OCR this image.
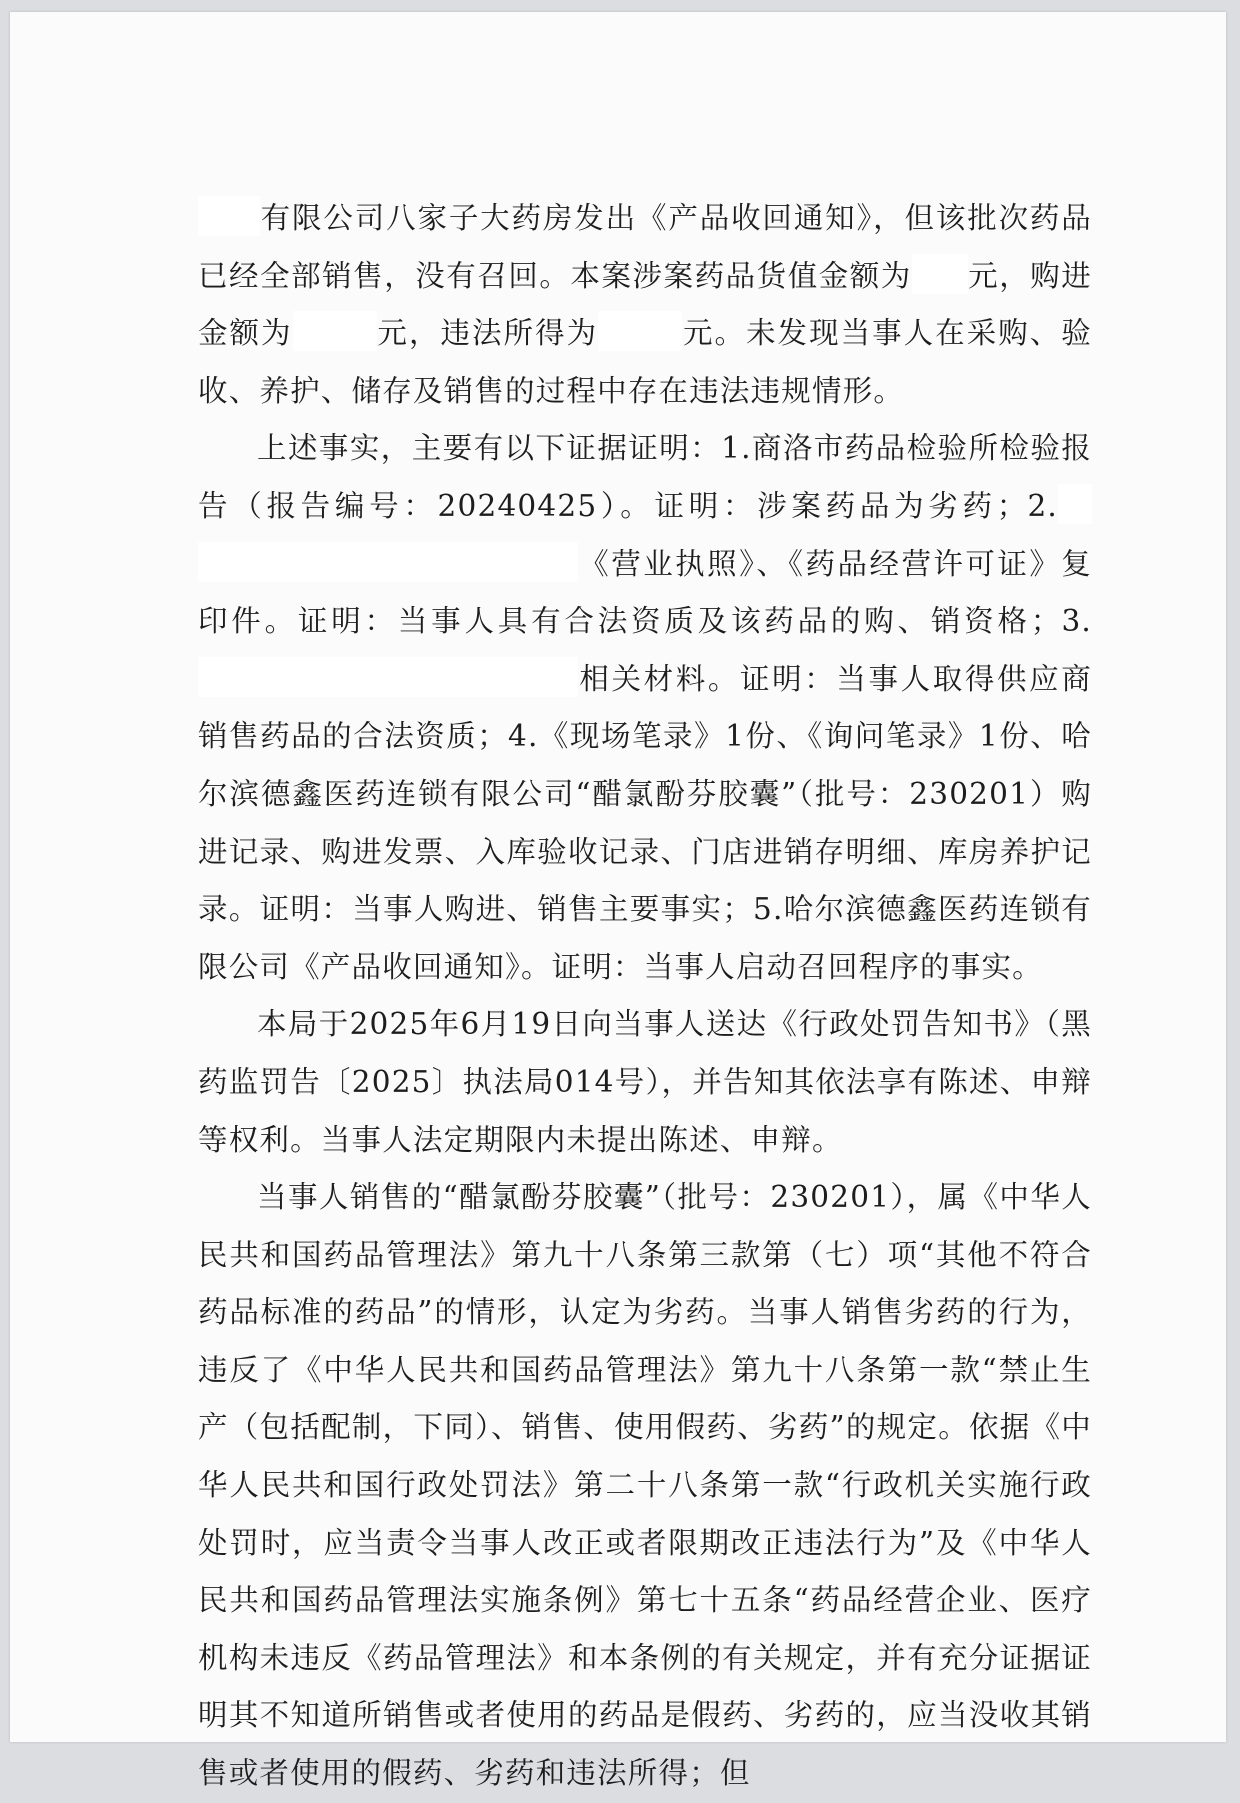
有限公司八家子大药房发出《产品收回通知》，但该批次药品已经全部销售，没有召回。本案涉案药品货值金额为 元，购进金额为	元，违法所得为	元。未发现当事人在采购、验收、养护、储存及销售的过程中存在违法违规情形。

上述事实，主要有以下证据证明：1.商洛市药品检验所检验报告（报告编号：20240425）。证明：涉案药品为劣药；2.《营业执照》、《药品经营许可证》复印件。证明：当事人具有合法资质及该药品的购、销资格；3.相关材料。证明：当事人取得供应商销售药品的合法资质；4.《现场笔录》1份、《询问笔录》1份、哈尔滨德鑫医药连锁有限公司“醋氯酚芬胶囊”（批号：230201）购进记录、购进发票、入库验收记录、门店进销存明细、库房养护记录。证明：当事人购进、销售主要事实；5.哈尔滨德鑫医药连锁有限公司《产品收回通知》。证明：当事人启动召回程序的事实。

本局于2025年6月19日向当事人送达《行政处罚告知书》（黑药监罚告〔2025〕执法局014号），并告知其依法享有陈述、申辩等权利。当事人法定期限内未提出陈述、申辩。

当事人销售的“醋氯酚芬胶囊”（批号：230201），属《中华人民共和国药品管理法》第九十八条第三款第（七）项“其他不符合药品标准的药品”的情形，认定为劣药。当事人销售劣药的行为，违反了《中华人民共和国药品管理法》第九十八条第一款“禁止生产（包括配制，下同）、销售、使用假药、劣药”的规定。依据《中华人民共和国行政处罚法》第二十八条第一款“行政机关实施行政处罚时，应当责令当事人改正或者限期改正违法行为”及《中华人民共和国药品管理法实施条例》第七十五条“药品经营企业、医疗机构未违反《药品管理法》和本条例的有关规定，并有充分证据证明其不知道所销售或者使用的药品是假药、劣药的，应当没收其销售或者使用的假药、劣药和违法所得；但
